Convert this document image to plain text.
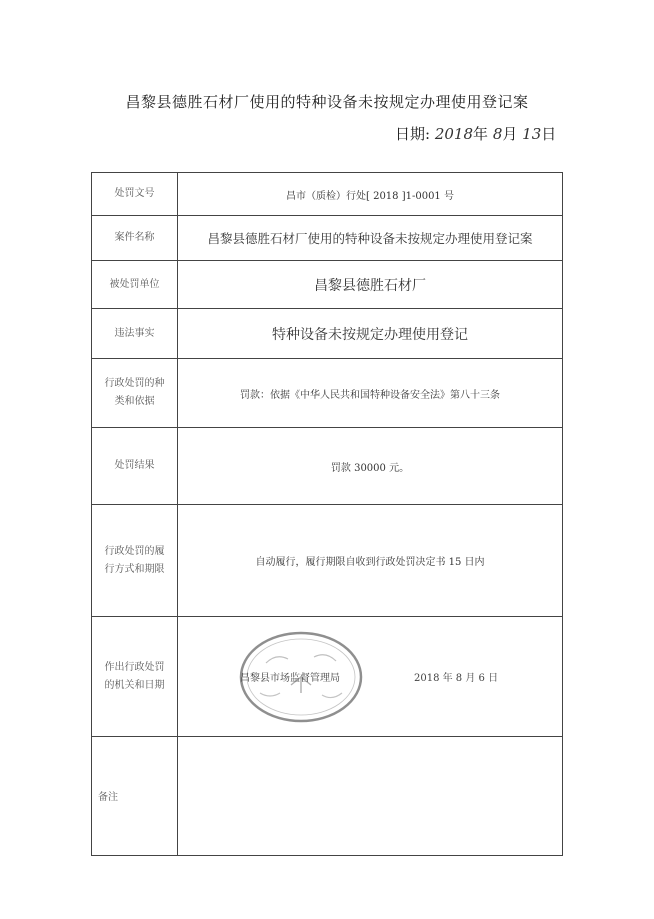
昌黎县德胜石材厂使用的特种设备未按规定办理使用登记案
日期: 2018年 8月 13日
处罚文号	昌市（质检）行处[ 2018 ]1-0001 号
案件名称	昌黎县德胜石材厂使用的特种设备未按规定办理使用登记案
被处罚单位	昌黎县德胜石材厂
违法事实	特种设备未按规定办理使用登记
行政处罚的种类和依据	罚款：依据《中华人民共和国特种设备安全法》第八十三条
处罚结果	罚款 30000 元。
行政处罚的履行方式和期限	自动履行，履行期限自收到行政处罚决定书 15 日内
作出行政处罚的机关和日期	昌黎县市场监督管理局 2018 年 8 月 6 日

备注	
